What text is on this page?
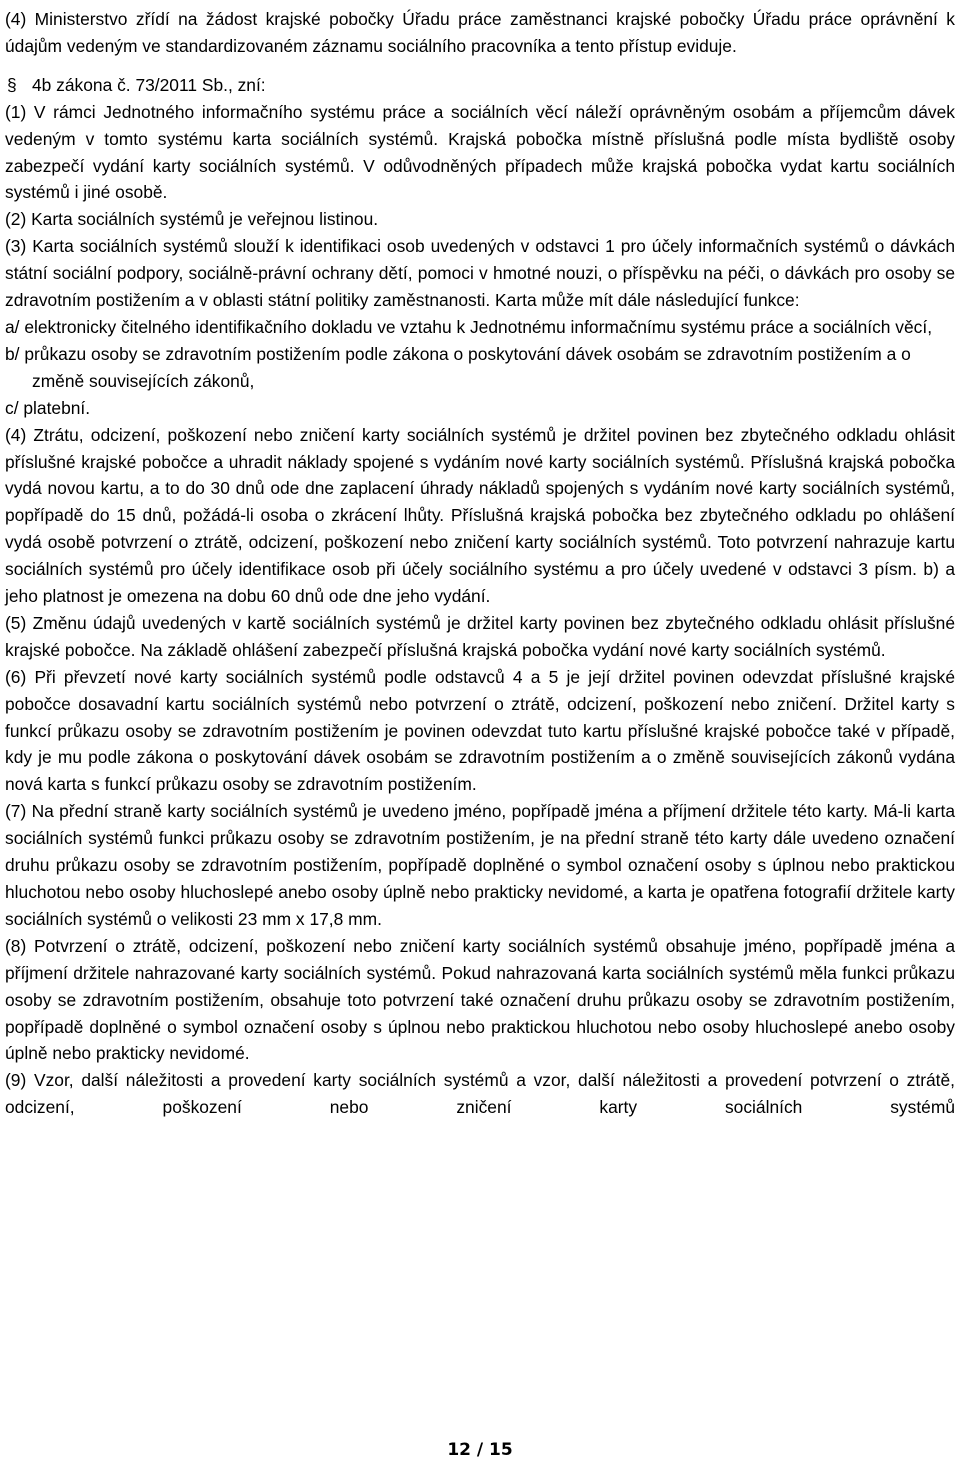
(4) Ministerstvo zřídí na žádost krajské pobočky Úřadu práce zaměstnanci krajské pobočky Úřadu práce oprávnění k údajům vedeným ve standardizovaném záznamu sociálního pracovníka a tento přístup eviduje.

§ 4b zákona č. 73/2011 Sb., zní:

(1) V rámci Jednotného informačního systému práce a sociálních věcí náleží oprávněným osobám a příjemcům dávek vedeným v tomto systému karta sociálních systémů. Krajská pobočka místně příslušná podle místa bydliště osoby zabezpečí vydání karty sociálních systémů. V odůvodněných případech může krajská pobočka vydat kartu sociálních systémů i jiné osobě.

(2) Karta sociálních systémů je veřejnou listinou.

(3) Karta sociálních systémů slouží k identifikaci osob uvedených v odstavci 1 pro účely informačních systémů o dávkách státní sociální podpory, sociálně-právní ochrany dětí, pomoci v hmotné nouzi, o příspěvku na péči, o dávkách pro osoby se zdravotním postižením a v oblasti státní politiky zaměstnanosti. Karta může mít dále následující funkce:

a/ elektronicky čitelného identifikačního dokladu ve vztahu k Jednotnému informačnímu systému práce a sociálních věcí,

b/ průkazu osoby se zdravotním postižením podle zákona o poskytování dávek osobám se zdravotním postižením a o změně souvisejících zákonů,

c/ platební.

(4) Ztrátu, odcizení, poškození nebo zničení karty sociálních systémů je držitel povinen bez zbytečného odkladu ohlásit příslušné krajské pobočce a uhradit náklady spojené s vydáním nové karty sociálních systémů. Příslušná krajská pobočka vydá novou kartu, a to do 30 dnů ode dne zaplacení úhrady nákladů spojených s vydáním nové karty sociálních systémů, popřípadě do 15 dnů, požádá-li osoba o zkrácení lhůty. Příslušná krajská pobočka bez zbytečného odkladu po ohlášení vydá osobě potvrzení o ztrátě, odcizení, poškození nebo zničení karty sociálních systémů. Toto potvrzení nahrazuje kartu sociálních systémů pro účely identifikace osob při účely sociálního systému a pro účely uvedené v odstavci 3 písm. b) a jeho platnost je omezena na dobu 60 dnů ode dne jeho vydání.

(5) Změnu údajů uvedených v kartě sociálních systémů je držitel karty povinen bez zbytečného odkladu ohlásit příslušné krajské pobočce. Na základě ohlášení zabezpečí příslušná krajská pobočka vydání nové karty sociálních systémů.

(6) Při převzetí nové karty sociálních systémů podle odstavců 4 a 5 je její držitel povinen odevzdat příslušné krajské pobočce dosavadní kartu sociálních systémů nebo potvrzení o ztrátě, odcizení, poškození nebo zničení. Držitel karty s funkcí průkazu osoby se zdravotním postižením je povinen odevzdat tuto kartu příslušné krajské pobočce také v případě, kdy je mu podle zákona o poskytování dávek osobám se zdravotním postižením a o změně souvisejících zákonů vydána nová karta s funkcí průkazu osoby se zdravotním postižením.

(7) Na přední straně karty sociálních systémů je uvedeno jméno, popřípadě jména a příjmení držitele této karty. Má-li karta sociálních systémů funkci průkazu osoby se zdravotním postižením, je na přední straně této karty dále uvedeno označení druhu průkazu osoby se zdravotním postižením, popřípadě doplněné o symbol označení osoby s úplnou nebo praktickou hluchotou nebo osoby hluchoslepé anebo osoby úplně nebo prakticky nevidomé, a karta je opatřena fotografií držitele karty sociálních systémů o velikosti 23 mm x 17,8 mm.

(8) Potvrzení o ztrátě, odcizení, poškození nebo zničení karty sociálních systémů obsahuje jméno, popřípadě jména a příjmení držitele nahrazované karty sociálních systémů. Pokud nahrazovaná karta sociálních systémů měla funkci průkazu osoby se zdravotním postižením, obsahuje toto potvrzení také označení druhu průkazu osoby se zdravotním postižením, popřípadě doplněné o symbol označení osoby s úplnou nebo praktickou hluchotou nebo osoby hluchoslepé anebo osoby úplně nebo prakticky nevidomé.

(9) Vzor, další náležitosti a provedení karty sociálních systémů a vzor, další náležitosti a provedení potvrzení o ztrátě, odcizení, poškození nebo zničení karty sociálních systémů

12 / 15
